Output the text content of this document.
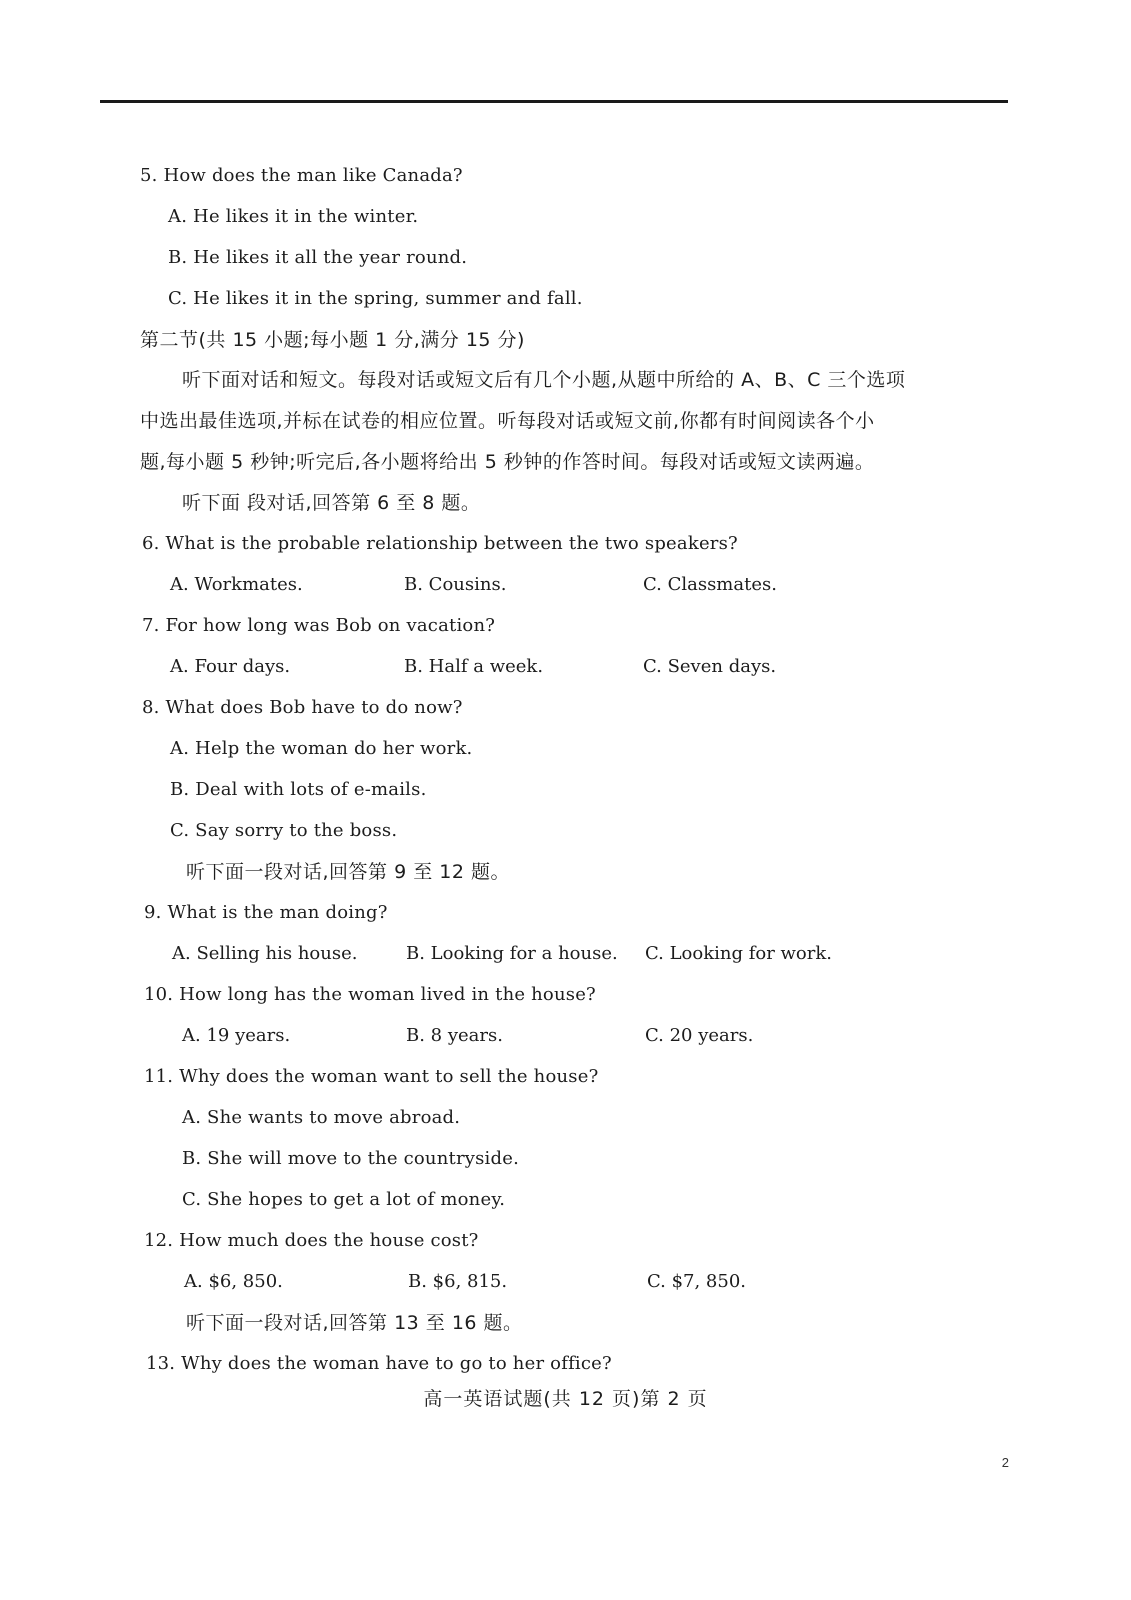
5. How does the man like Canada?
A. He likes it in the winter.
B. He likes it all the year round.
C. He likes it in the spring, summer and fall.
第二节(共 15 小题;每小题 1 分,满分 15 分)
听下面对话和短文。每段对话或短文后有几个小题,从题中所给的 A、B、C 三个选项
中选出最佳选项,并标在试卷的相应位置。听每段对话或短文前,你都有时间阅读各个小
题,每小题 5 秒钟;听完后,各小题将给出 5 秒钟的作答时间。每段对话或短文读两遍。
听下面 段对话,回答第 6 至 8 题。
6. What is the probable relationship between the two speakers?
A. Workmates.	B. Cousins.	C. Classmates.
7. For how long was Bob on vacation?
A. Four days.	B. Half a week.	C. Seven days.
8. What does Bob have to do now?
A. Help the woman do her work.
B. Deal with lots of e-mails.
C. Say sorry to the boss.
听下面一段对话,回答第 9 至 12 题。
9. What is the man doing?
A. Selling his house.	B. Looking for a house. C. Looking for work.
10. How long has the woman lived in the house?
A. 19 years.	B. 8 years.	C. 20 years.
11. Why does the woman want to sell the house?
A. She wants to move abroad.
B. She will move to the countryside.
C. She hopes to get a lot of money.
12. How much does the house cost?
A. $6, 850.	B. $6, 815.	C. $7, 850.
听下面一段对话,回答第 13 至 16 题。
13. Why does the woman have to go to her office?
高一英语试题(共 12 页)第 2 页
2
